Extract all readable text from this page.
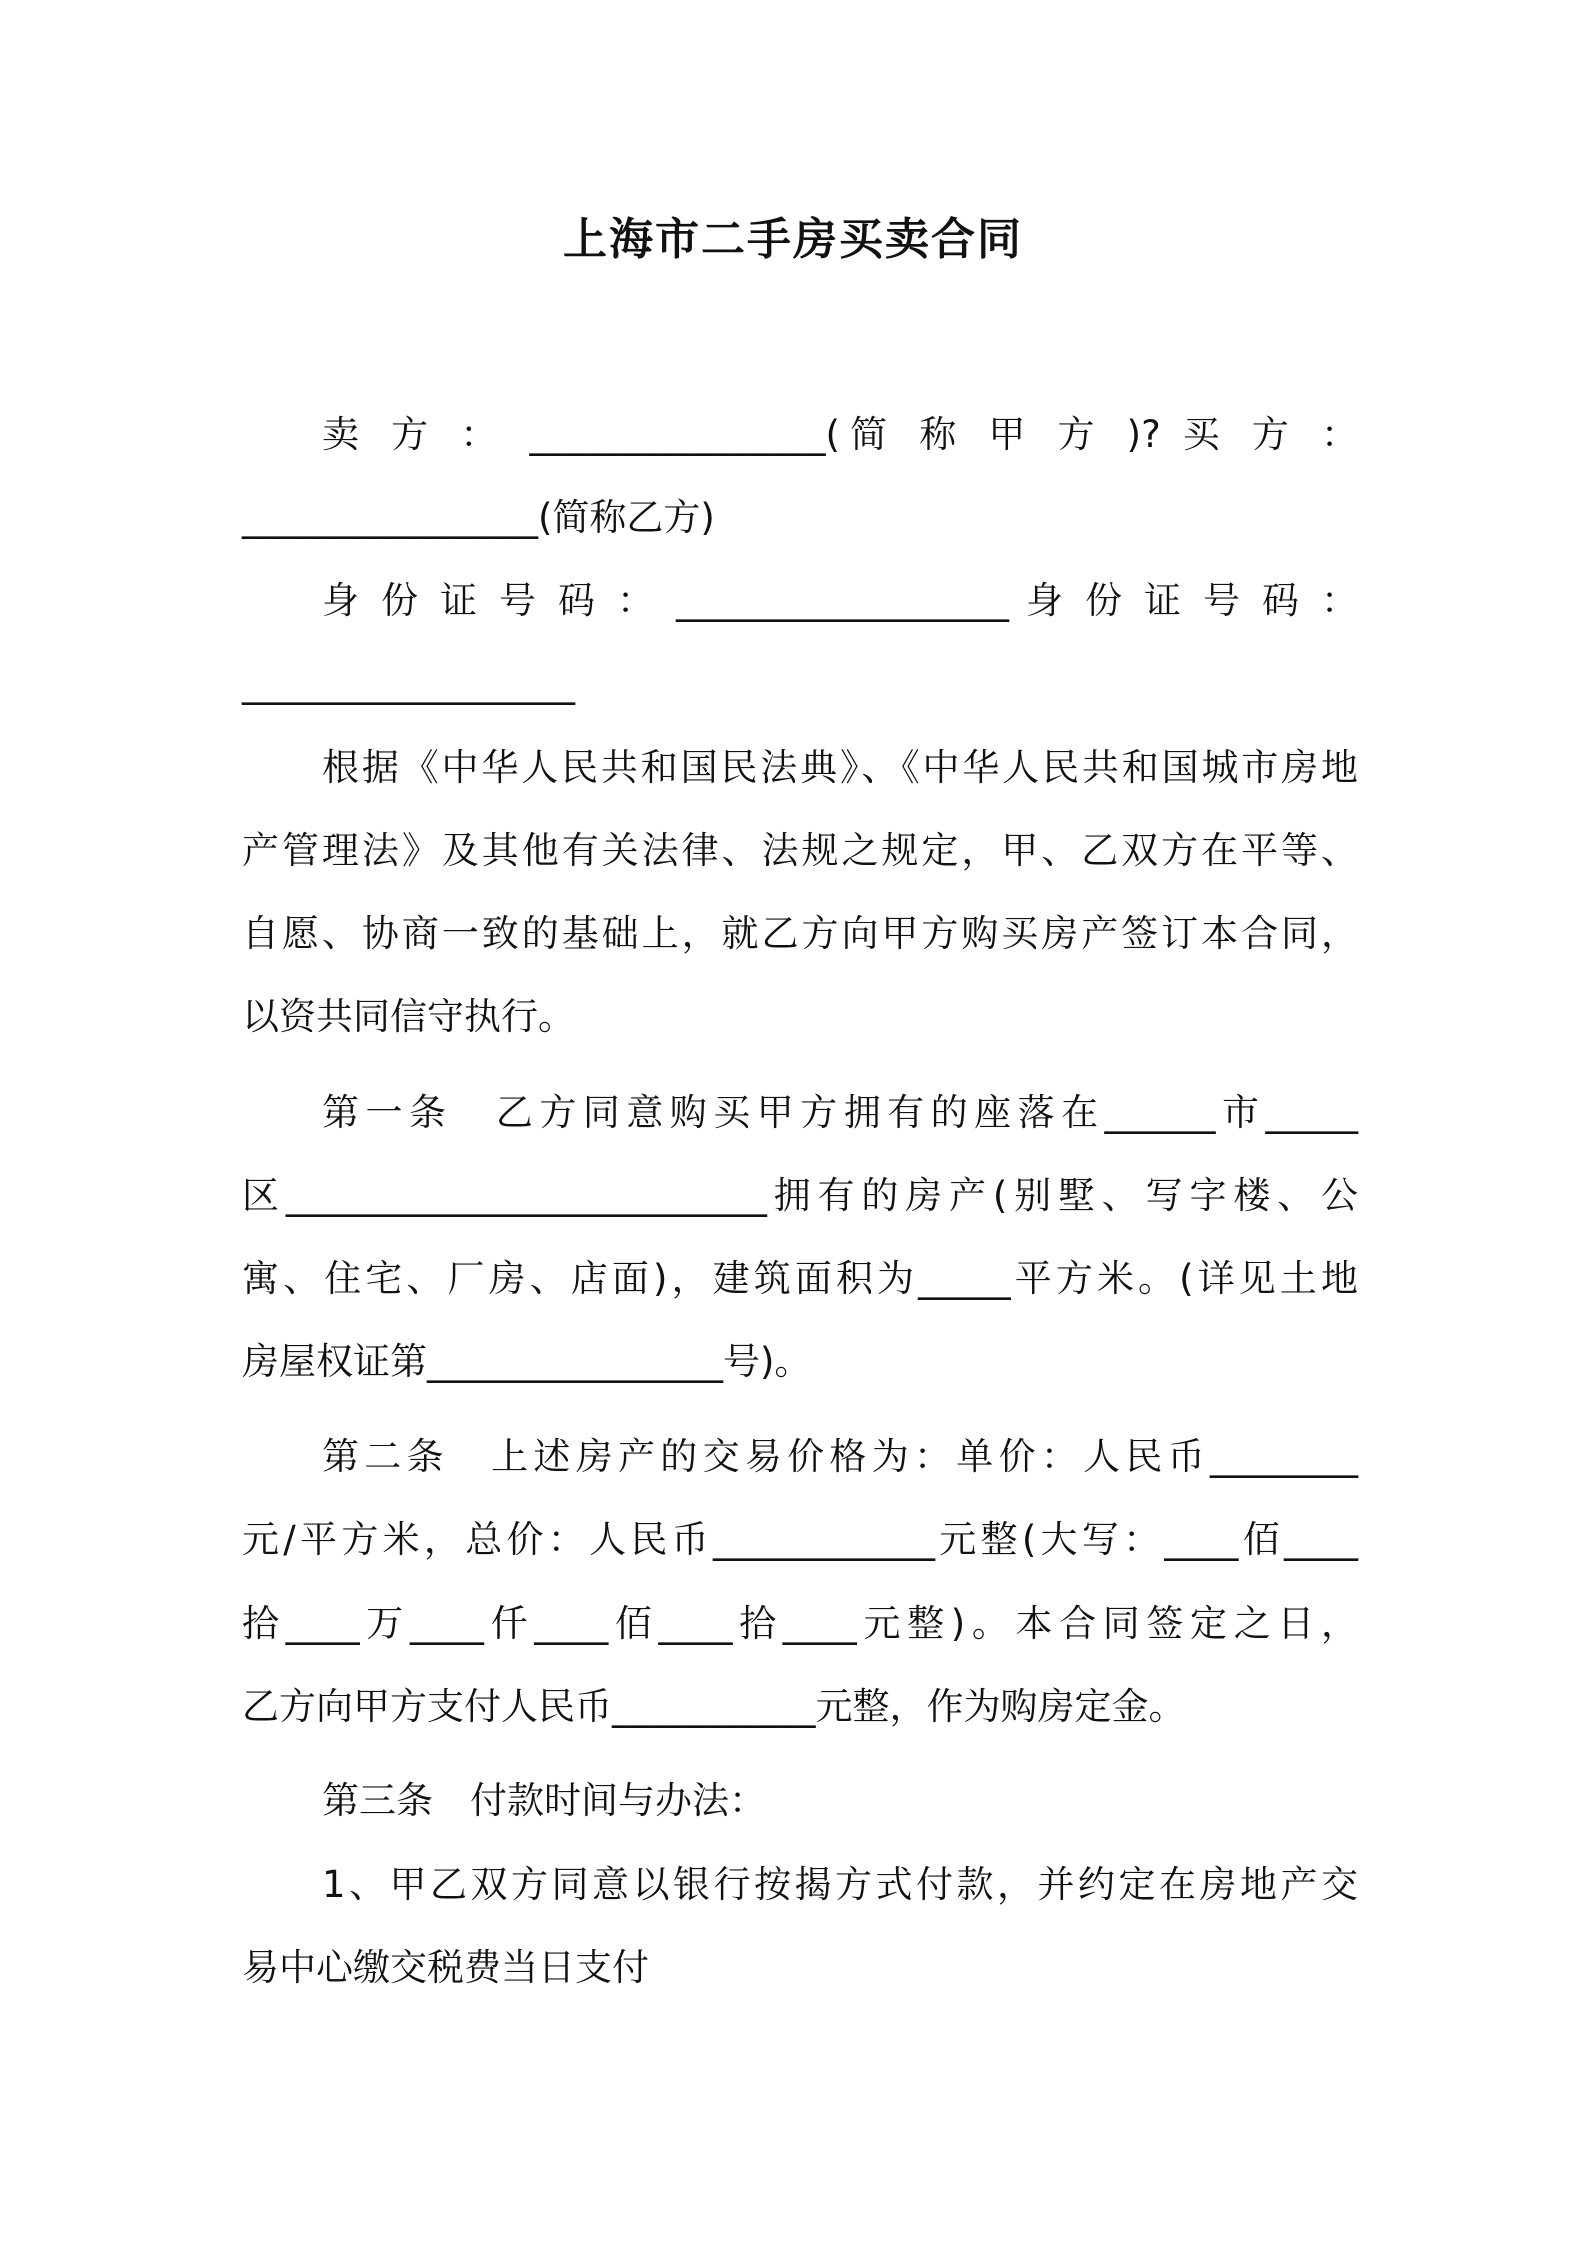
上海市二手房买卖合同
卖 方 ： ________________(简 称 甲 方 )? 买 方 ：
________________(简称乙方)
身 份 证 号 码 ： __________________ 身 份 证 号 码 ：
__________________
根据《中华人民共和国民法典》、《中华人民共和国城市房地
产管理法》及其他有关法律、法规之规定，甲、乙双方在平等、
自愿、协商一致的基础上，就乙方向甲方购买房产签订本合同，
以资共同信守执行。
第一条　乙方同意购买甲方拥有的座落在______市_____
区__________________________拥有的房产(别墅、写字楼、公
寓、住宅、厂房、店面)，建筑面积为_____平方米。(详见土地
房屋权证第________________号)。
第二条　上述房产的交易价格为：单价：人民币________
元/平方米，总价：人民币____________元整(大写：____佰____
拾____万____仟____佰____拾____元整)。本合同签定之日，
乙方向甲方支付人民币___________元整，作为购房定金。
第三条　付款时间与办法：
1、甲乙双方同意以银行按揭方式付款，并约定在房地产交
易中心缴交税费当日支付
